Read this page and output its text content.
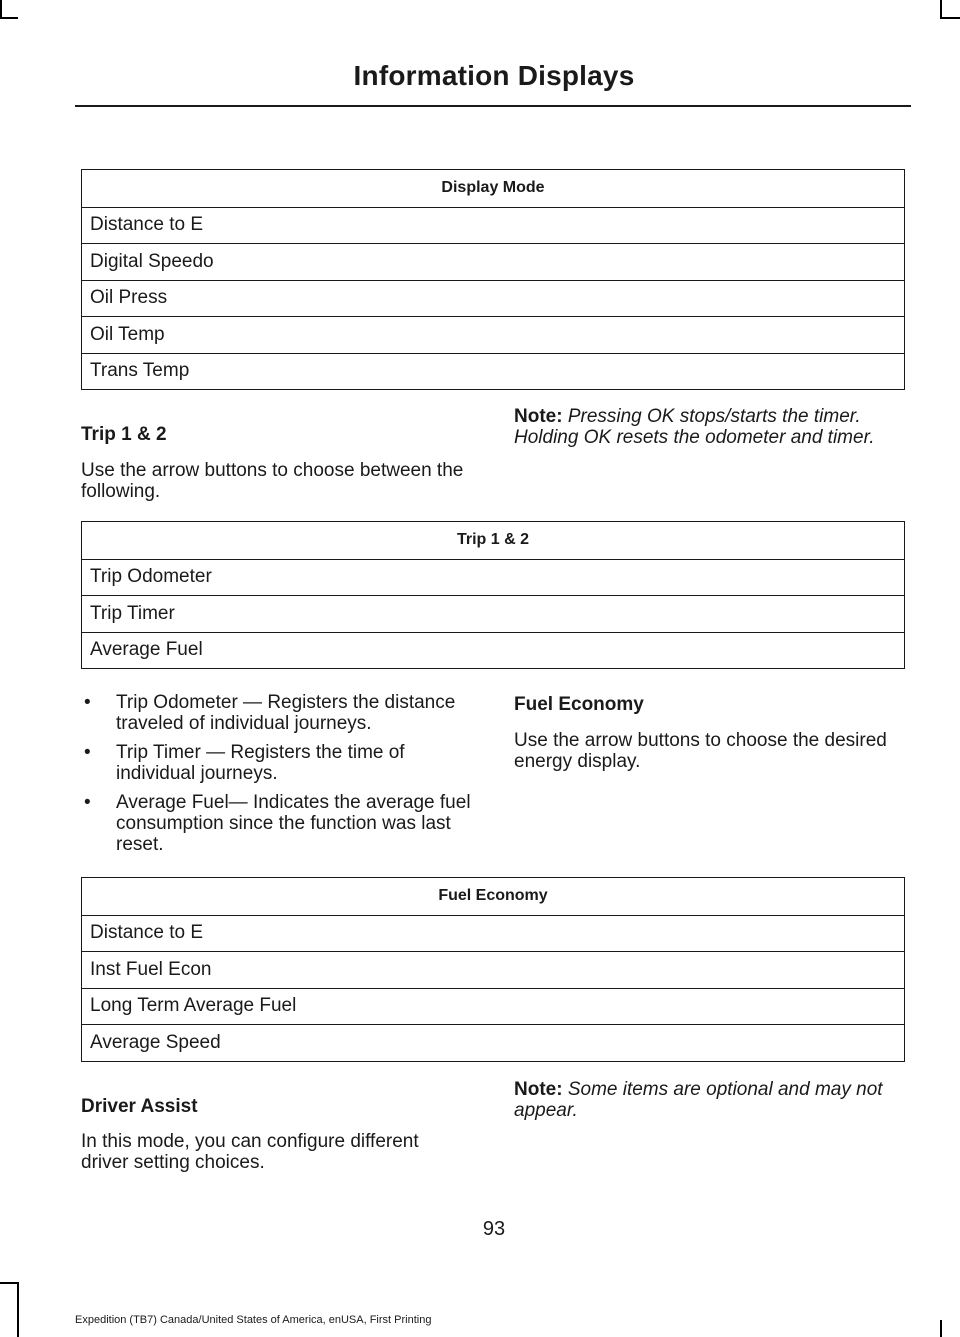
Information Displays
Display Mode
Distance to E
Digital Speedo
Oil Press
Oil Temp
Trans Temp
Trip 1 & 2
Use the arrow buttons to choose between the following.
Note: Pressing OK stops/starts the timer. Holding OK resets the odometer and timer.
Trip 1 & 2
Trip Odometer
Trip Timer
Average Fuel
• Trip Odometer — Registers the distance traveled of individual journeys.
• Trip Timer — Registers the time of individual journeys.
• Average Fuel— Indicates the average fuel consumption since the function was last reset.
Fuel Economy
Use the arrow buttons to choose the desired energy display.
Fuel Economy
Distance to E
Inst Fuel Econ
Long Term Average Fuel
Average Speed
Driver Assist
In this mode, you can configure different driver setting choices.
Note: Some items are optional and may not appear.
93
Expedition (TB7) Canada/United States of America, enUSA, First Printing
